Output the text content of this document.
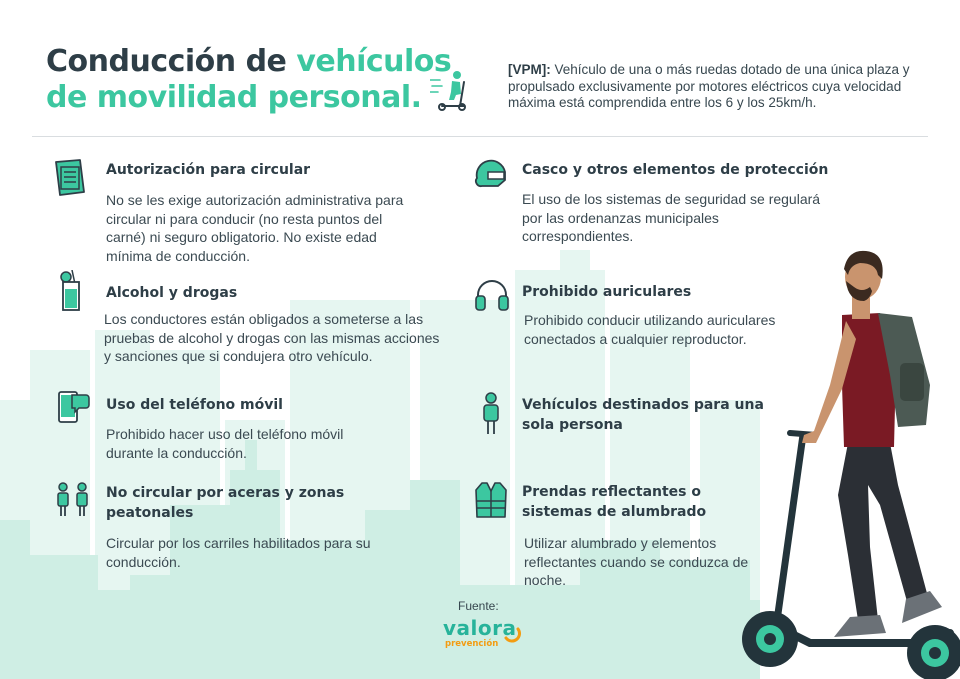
Conducción de vehículos
de movilidad personal.
[VPM]: Vehículo de una o más ruedas dotado de una única plaza y propulsado exclusivamente por motores eléctricos cuya velocidad máxima está comprendida entre los 6 y los 25km/h.
Autorización para circular

No se les exige autorización administrativa para circular ni para conducir (no resta puntos del carné) ni seguro obligatorio. No existe edad mínima de conducción.

Alcohol y drogas

Los conductores están obligados a someterse a las pruebas de alcohol y drogas con las mismas acciones y sanciones que si condujera otro vehículo.

Uso del teléfono móvil

Prohibido hacer uso del teléfono móvil durante la conducción.

No circular por aceras y zonas peatonales

Circular por los carriles habilitados para su conducción.

Casco y otros elementos de protección

El uso de los sistemas de seguridad se regulará por las ordenanzas municipales correspondientes.

Prohibido auriculares

Prohibido conducir utilizando auriculares conectados a cualquier reproductor.

Vehículos destinados para una sola persona
Prendas reflectantes o sistemas de alumbrado

Utilizar alumbrado y elementos reflectantes cuando se conduzca de noche.

Fuente:
valora
prevención
